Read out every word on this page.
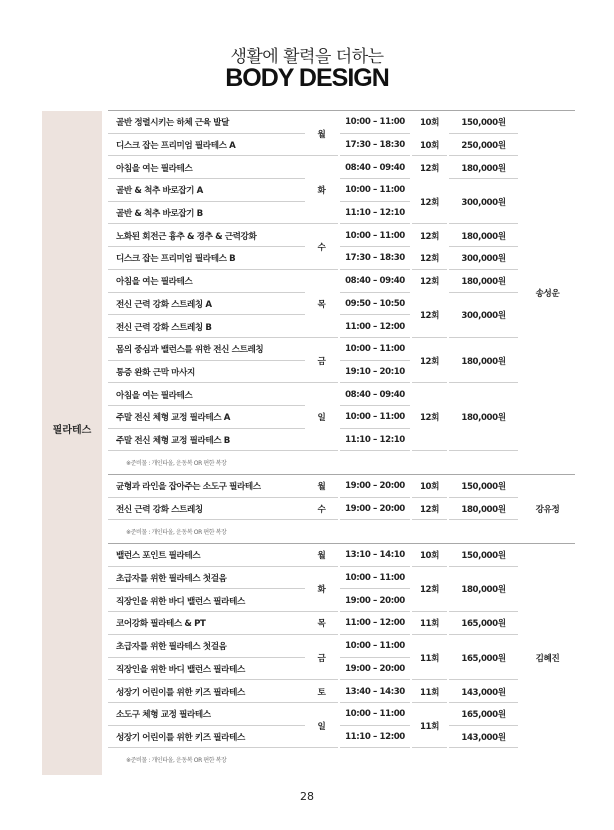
생활에 활력을 더하는
BODY DESIGN
필라테스
골반 정렬시키는 하체 근육 발달	월	10:00 – 11:00	10회	150,000원	송성운
디스크 잡는 프리미엄 필라테스 A		17:30 – 18:30	10회	250,000원	
아침을 여는 필라테스	화	08:40 – 09:40	12회	180,000원	
골반 & 척추 바로잡기 A		10:00 – 11:00	12회	300,000원	
골반 & 척추 바로잡기 B		11:10 – 12:10			
노화된 회전근 흉추 & 경추 & 근력강화	수	10:00 – 11:00	12회	180,000원	
디스크 잡는 프리미엄 필라테스 B		17:30 – 18:30	12회	300,000원	
아침을 여는 필라테스	목	08:40 – 09:40	12회	180,000원	
전신 근력 강화 스트레칭 A		09:50 – 10:50	12회	300,000원	
전신 근력 강화 스트레칭 B		11:00 – 12:00			
몸의 중심과 밸런스를 위한 전신 스트레칭	금	10:00 – 11:00	12회	180,000원	
통증 완화 근막 마사지		19:10 – 20:10			
아침을 여는 필라테스	일	08:40 – 09:40	12회	180,000원	
주말 전신 체형 교정 필라테스 A		10:00 – 11:00			
주말 전신 체형 교정 필라테스 B		11:10 – 12:10			
※준비물 : 개인타올, 운동복 OR 편한 복장					
균형과 라인을 잡아주는 소도구 필라테스	월	19:00 – 20:00	10회	150,000원	강유정
전신 근력 강화 스트레칭	수	19:00 – 20:00	12회	180,000원	
※준비물 : 개인타올, 운동복 OR 편한 복장					
밸런스 포인트 필라테스	월	13:10 – 14:10	10회	150,000원	김혜진
초급자를 위한 필라테스 첫걸음	화	10:00 – 11:00	12회	180,000원	
직장인을 위한 바디 밸런스 필라테스		19:00 – 20:00			
코어강화 필라테스 & PT	목	11:00 – 12:00	11회	165,000원	
초급자를 위한 필라테스 첫걸음	금	10:00 – 11:00	11회	165,000원	
직장인을 위한 바디 밸런스 필라테스		19:00 – 20:00			
성장기 어린이를 위한 키즈 필라테스	토	13:40 – 14:30	11회	143,000원	
소도구 체형 교정 필라테스	일	10:00 – 11:00	11회	165,000원	
성장기 어린이를 위한 키즈 필라테스		11:10 – 12:00		143,000원	
※준비물 : 개인타올, 운동복 OR 편한 복장					
28
